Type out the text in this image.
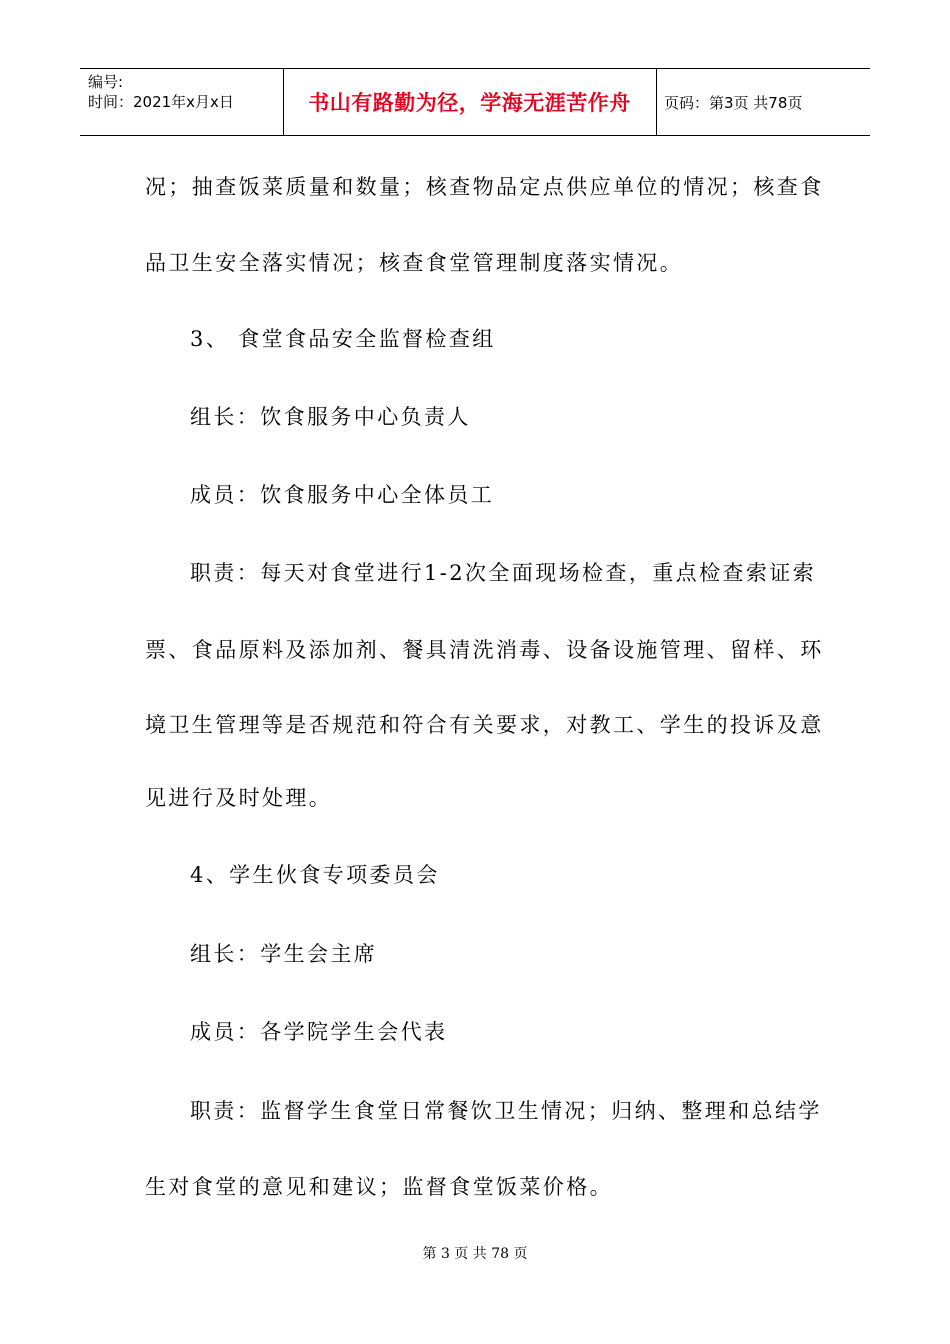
编号:
时间：2021年x月x日	书山有路勤为径，学海无涯苦作舟	页码：第3页 共78页
况；抽查饭菜质量和数量；核查物品定点供应单位的情况；核查食
品卫生安全落实情况；核查食堂管理制度落实情况。
3、 食堂食品安全监督检查组
组长：饮食服务中心负责人
成员：饮食服务中心全体员工
职责：每天对食堂进行1-2次全面现场检查，重点检查索证索
票、食品原料及添加剂、餐具清洗消毒、设备设施管理、留样、环
境卫生管理等是否规范和符合有关要求，对教工、学生的投诉及意
见进行及时处理。
4、学生伙食专项委员会
组长：学生会主席
成员：各学院学生会代表
职责：监督学生食堂日常餐饮卫生情况；归纳、整理和总结学
生对食堂的意见和建议；监督食堂饭菜价格。
第 3 页 共 78 页
